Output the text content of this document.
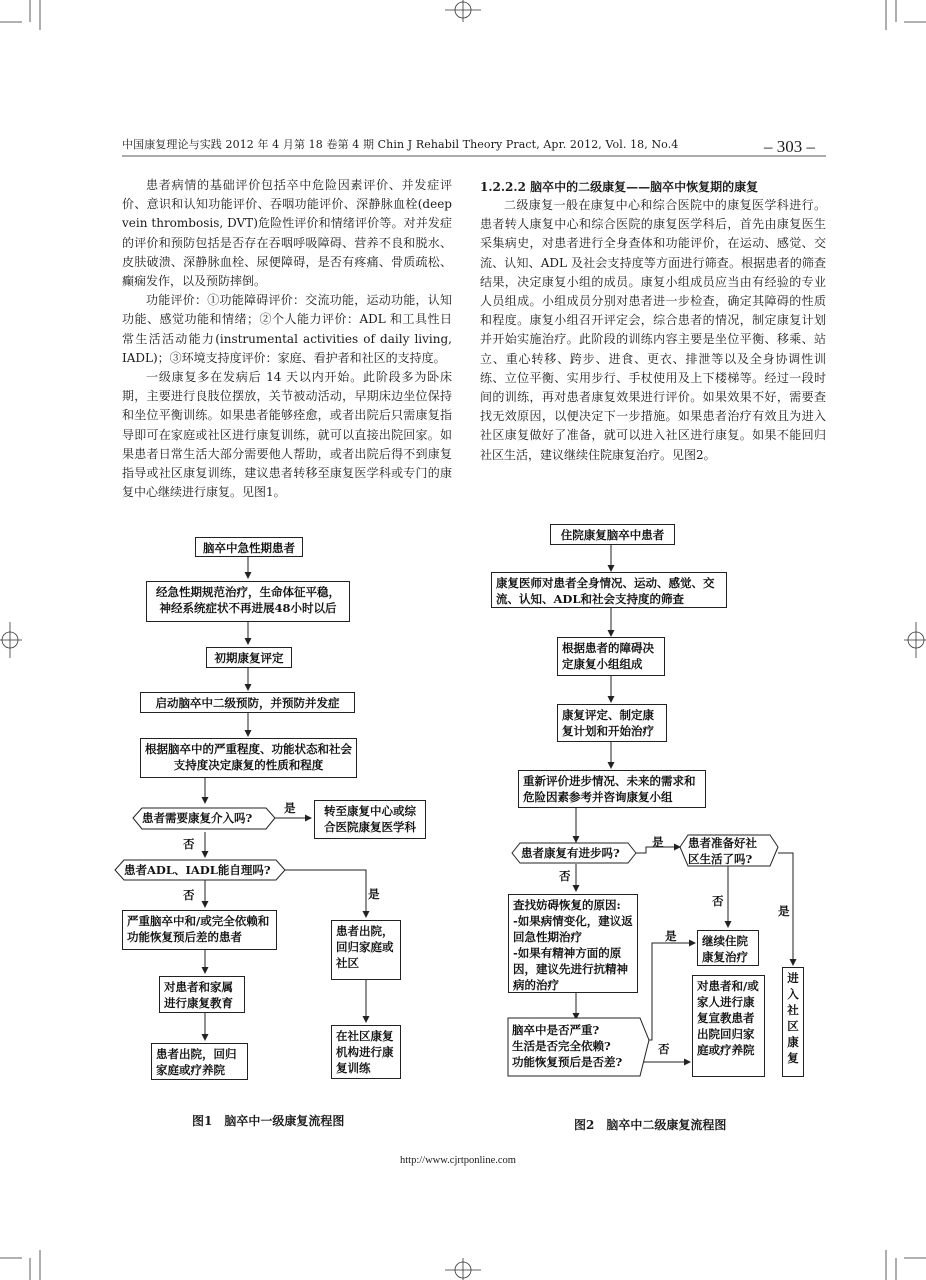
中国康复理论与实践 2012 年 4 月第 18 卷第 4 期 Chin J Rehabil Theory Pract, Apr. 2012, Vol. 18, No.4	– 303 –

患者病情的基础评价包括卒中危险因素评价、并发症评价、意识和认知功能评价、吞咽功能评价、深静脉血栓(deep vein thrombosis, DVT)危险性评价和情绪评价等。对并发症的评价和预防包括是否存在吞咽呼吸障碍、营养不良和脱水、皮肤破溃、深静脉血栓、尿便障碍，是否有疼痛、骨质疏松、癫痫发作，以及预防摔倒。

功能评价：①功能障碍评价：交流功能，运动功能，认知功能、感觉功能和情绪；②个人能力评价：ADL 和工具性日常生活活动能力(instrumental activities of daily living, IADL)；③环境支持度评价：家庭、看护者和社区的支持度。

一级康复多在发病后 14 天以内开始。此阶段多为卧床期，主要进行良肢位摆放，关节被动活动，早期床边坐位保持和坐位平衡训练。如果患者能够痊愈，或者出院后只需康复指导即可在家庭或社区进行康复训练，就可以直接出院回家。如果患者日常生活大部分需要他人帮助，或者出院后得不到康复指导或社区康复训练，建议患者转移至康复医学科或专门的康复中心继续进行康复。见图1。

1.2.2.2 脑卒中的二级康复——脑卒中恢复期的康复

二级康复一般在康复中心和综合医院中的康复医学科进行。患者转人康复中心和综合医院的康复医学科后，首先由康复医生采集病史，对患者进行全身查体和功能评价，在运动、感觉、交流、认知、ADL 及社会支持度等方面进行筛查。根据患者的筛查结果，决定康复小组的成员。康复小组成员应当由有经验的专业人员组成。小组成员分别对患者进一步检查，确定其障碍的性质和程度。康复小组召开评定会，综合患者的情况，制定康复计划并开始实施治疗。此阶段的训练内容主要是坐位平衡、移乘、站立、重心转移、跨步、进食、更衣、排泄等以及全身协调性训练、立位平衡、实用步行、手杖使用及上下楼梯等。经过一段时间的训练，再对患者康复效果进行评价。如果效果不好，需要查找无效原因，以便决定下一步措施。如果患者治疗有效且为进入社区康复做好了准备，就可以进入社区进行康复。如果不能回归社区生活，建议继续住院康复治疗。见图2。

脑卒中急性期患者
经急性期规范治疗，生命体征平稳，神经系统症状不再进展48小时以后
初期康复评定
启动脑卒中二级预防，并预防并发症
根据脑卒中的严重程度、功能状态和社会支持度决定康复的性质和程度
患者需要康复介入吗?
是	转至康复中心或综合医院康复医学科
否
患者ADL、IADL能自理吗?
否	是
严重脑卒中和/或完全依赖和功能恢复预后差的患者
对患者和家属进行康复教育
患者出院，回归家庭或疗养院
患者出院，回归家庭或社区
在社区康复机构进行康复训练
图1　脑卒中一级康复流程图
住院康复脑卒中患者
康复医师对患者全身情况、运动、感觉、交流、认知、ADL和社会支持度的筛查
根据患者的障碍决定康复小组组成
康复评定、制定康复计划和开始治疗
重新评价进步情况、未来的需求和危险因素参考并咨询康复小组
患者康复有进步吗?
是 患者准备好社区生活了吗?
否
查找妨碍恢复的原因:
-如果病情变化，建议返回急性期治疗
-如果有精神方面的原因，建议先进行抗精神病的治疗
否
是
是	继续住院康复治疗
对患者和/或家人进行康复宣教患者出院回归家庭或疗养院
进入社区康复
脑卒中是否严重?
生活是否完全依赖?
功能恢复预后是否差?
否
图2　脑卒中二级康复流程图
http://www.cjrtponline.com
